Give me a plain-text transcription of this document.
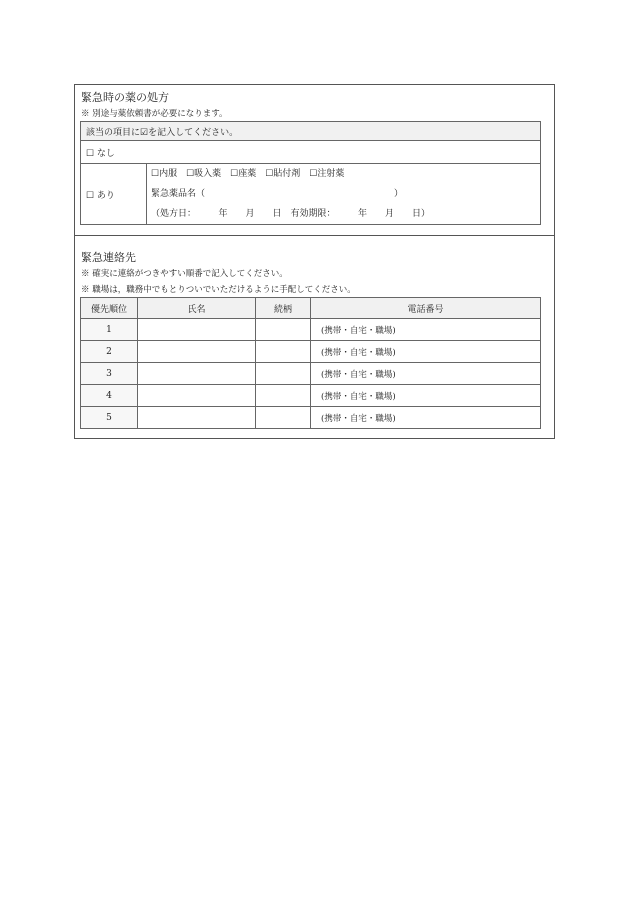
緊急時の薬の処方
※ 別途与薬依頼書が必要になります。
該当の項目に☑を記入してください。
☐ なし
☐ あり	
☐内服　☐吸入薬　☐座薬　☐貼付剤　☐注射薬
緊急薬品名（　　　　　　　　　　　　　　　　　　　　　）
（処方日：　　　年　　月　　日　有効期限：　　　年　　月　　日）
緊急連絡先
※ 確実に連絡がつきやすい順番で記入してください。
※ 職場は，職務中でもとりついでいただけるように手配してください。
優先順位	氏名	続柄	電話番号
1			(携帯・自宅・職場)
2			(携帯・自宅・職場)
3			(携帯・自宅・職場)
4			(携帯・自宅・職場)
5			(携帯・自宅・職場)
